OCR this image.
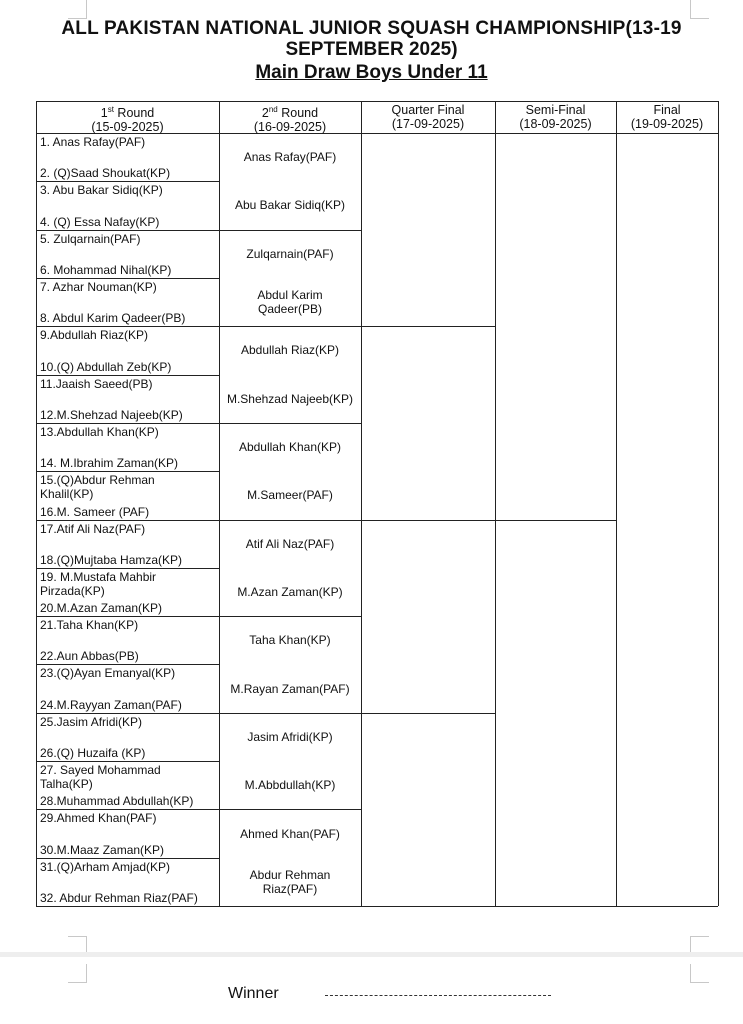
ALL PAKISTAN NATIONAL JUNIOR SQUASH CHAMPIONSHIP(13-19
SEPTEMBER 2025)
Main Draw Boys Under 11
1st Round
(15-09-2025)
2nd Round
(16-09-2025)
Quarter Final
(17-09-2025)
Semi-Final
(18-09-2025)
Final
(19-09-2025)
1. Anas Rafay(PAF)
2. (Q)Saad Shoukat(KP)
3. Abu Bakar Sidiq(KP)
4. (Q) Essa Nafay(KP)
5. Zulqarnain(PAF)
6. Mohammad Nihal(KP)
7. Azhar Nouman(KP)
8. Abdul Karim Qadeer(PB)
9.Abdullah Riaz(KP)
10.(Q) Abdullah Zeb(KP)
11.Jaaish Saeed(PB)
12.M.Shehzad Najeeb(KP)
13.Abdullah Khan(KP)
14. M.Ibrahim Zaman(KP)
15.(Q)Abdur Rehman
Khalil(KP)
16.M. Sameer (PAF)
17.Atif Ali Naz(PAF)
18.(Q)Mujtaba Hamza(KP)
19. M.Mustafa Mahbir
Pirzada(KP)
20.M.Azan Zaman(KP)
21.Taha Khan(KP)
22.Aun Abbas(PB)
23.(Q)Ayan Emanyal(KP)
24.M.Rayyan Zaman(PAF)
25.Jasim Afridi(KP)
26.(Q) Huzaifa (KP)
27. Sayed Mohammad
Talha(KP)
28.Muhammad Abdullah(KP)
29.Ahmed Khan(PAF)
30.M.Maaz Zaman(KP)
31.(Q)Arham Amjad(KP)
32. Abdur Rehman Riaz(PAF)
Anas Rafay(PAF)
Abu Bakar Sidiq(KP)
Zulqarnain(PAF)
Abdul Karim
Qadeer(PB)
Abdullah Riaz(KP)
M.Shehzad Najeeb(KP)
Abdullah Khan(KP)
M.Sameer(PAF)
Atif Ali Naz(PAF)
M.Azan Zaman(KP)
Taha Khan(KP)
M.Rayan Zaman(PAF)
Jasim Afridi(KP)
M.Abbdullah(KP)
Ahmed Khan(PAF)
Abdur Rehman
Riaz(PAF)
Winner
